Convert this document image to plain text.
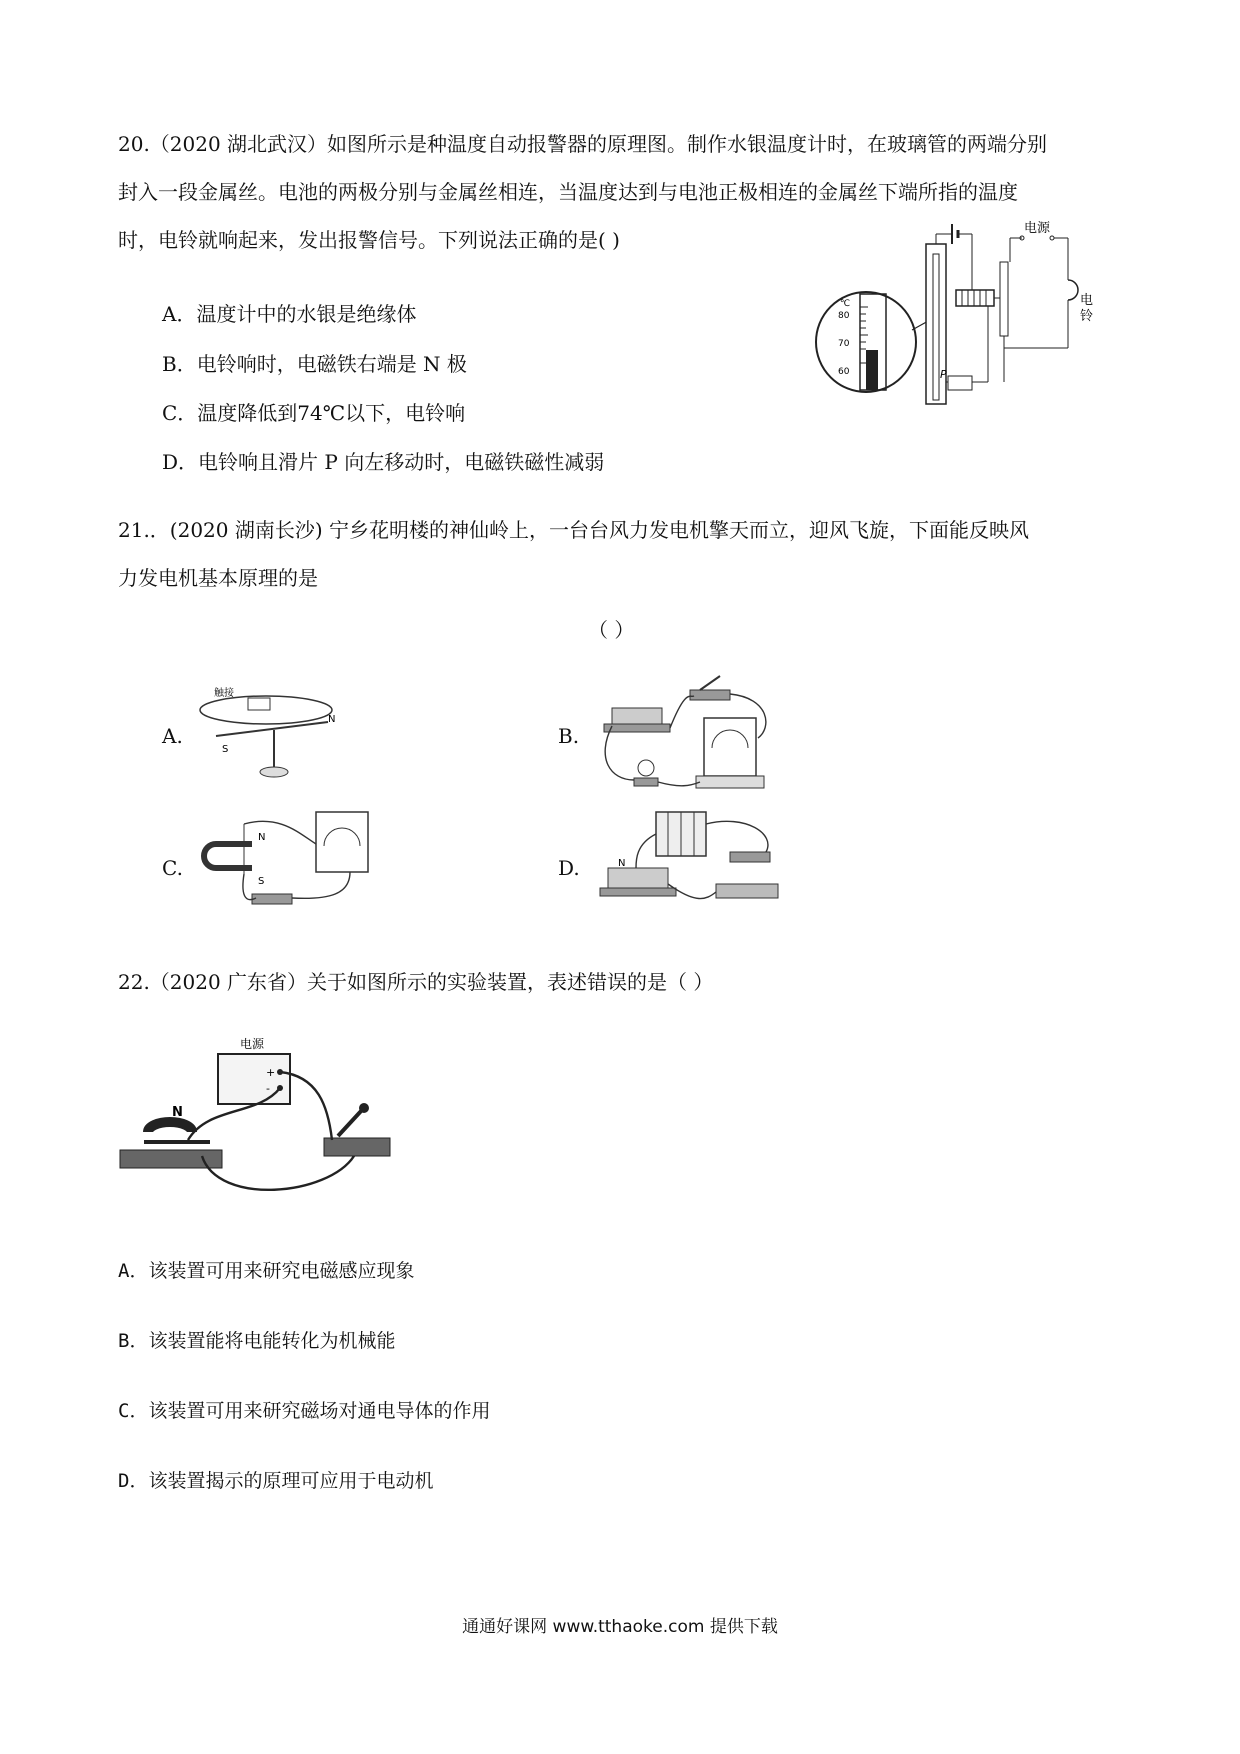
20.（2020 湖北武汉）如图所示是种温度自动报警器的原理图。制作水银温度计时，在玻璃管的两端分别
封入一段金属丝。电池的两极分别与金属丝相连，当温度达到与电池正极相连的金属丝下端所指的温度
时，电铃就响起来，发出报警信号。下列说法正确的是( )
A．温度计中的水银是绝缘体
B．电铃响时，电磁铁右端是 N 极
C．温度降低到74℃以下，电铃响
D．电铃响且滑片 P 向左移动时，电磁铁磁性减弱
℃
80
70
60	P
电源
电
铃
21.．(2020 湖南长沙) 宁乡花明楼的神仙岭上，一台台风力发电机擎天而立，迎风飞旋，下面能反映风
力发电机基本原理的是
（ ）
A.	B.
C.	D.
触接
N
S
N
S
N
22.（2020 广东省）关于如图所示的实验装置，表述错误的是（ ）
电源
+
-
N
A．该装置可用来研究电磁感应现象
B．该装置能将电能转化为机械能
C．该装置可用来研究磁场对通电导体的作用
D．该装置揭示的原理可应用于电动机
通通好课网 www.tthaoke.com 提供下载
